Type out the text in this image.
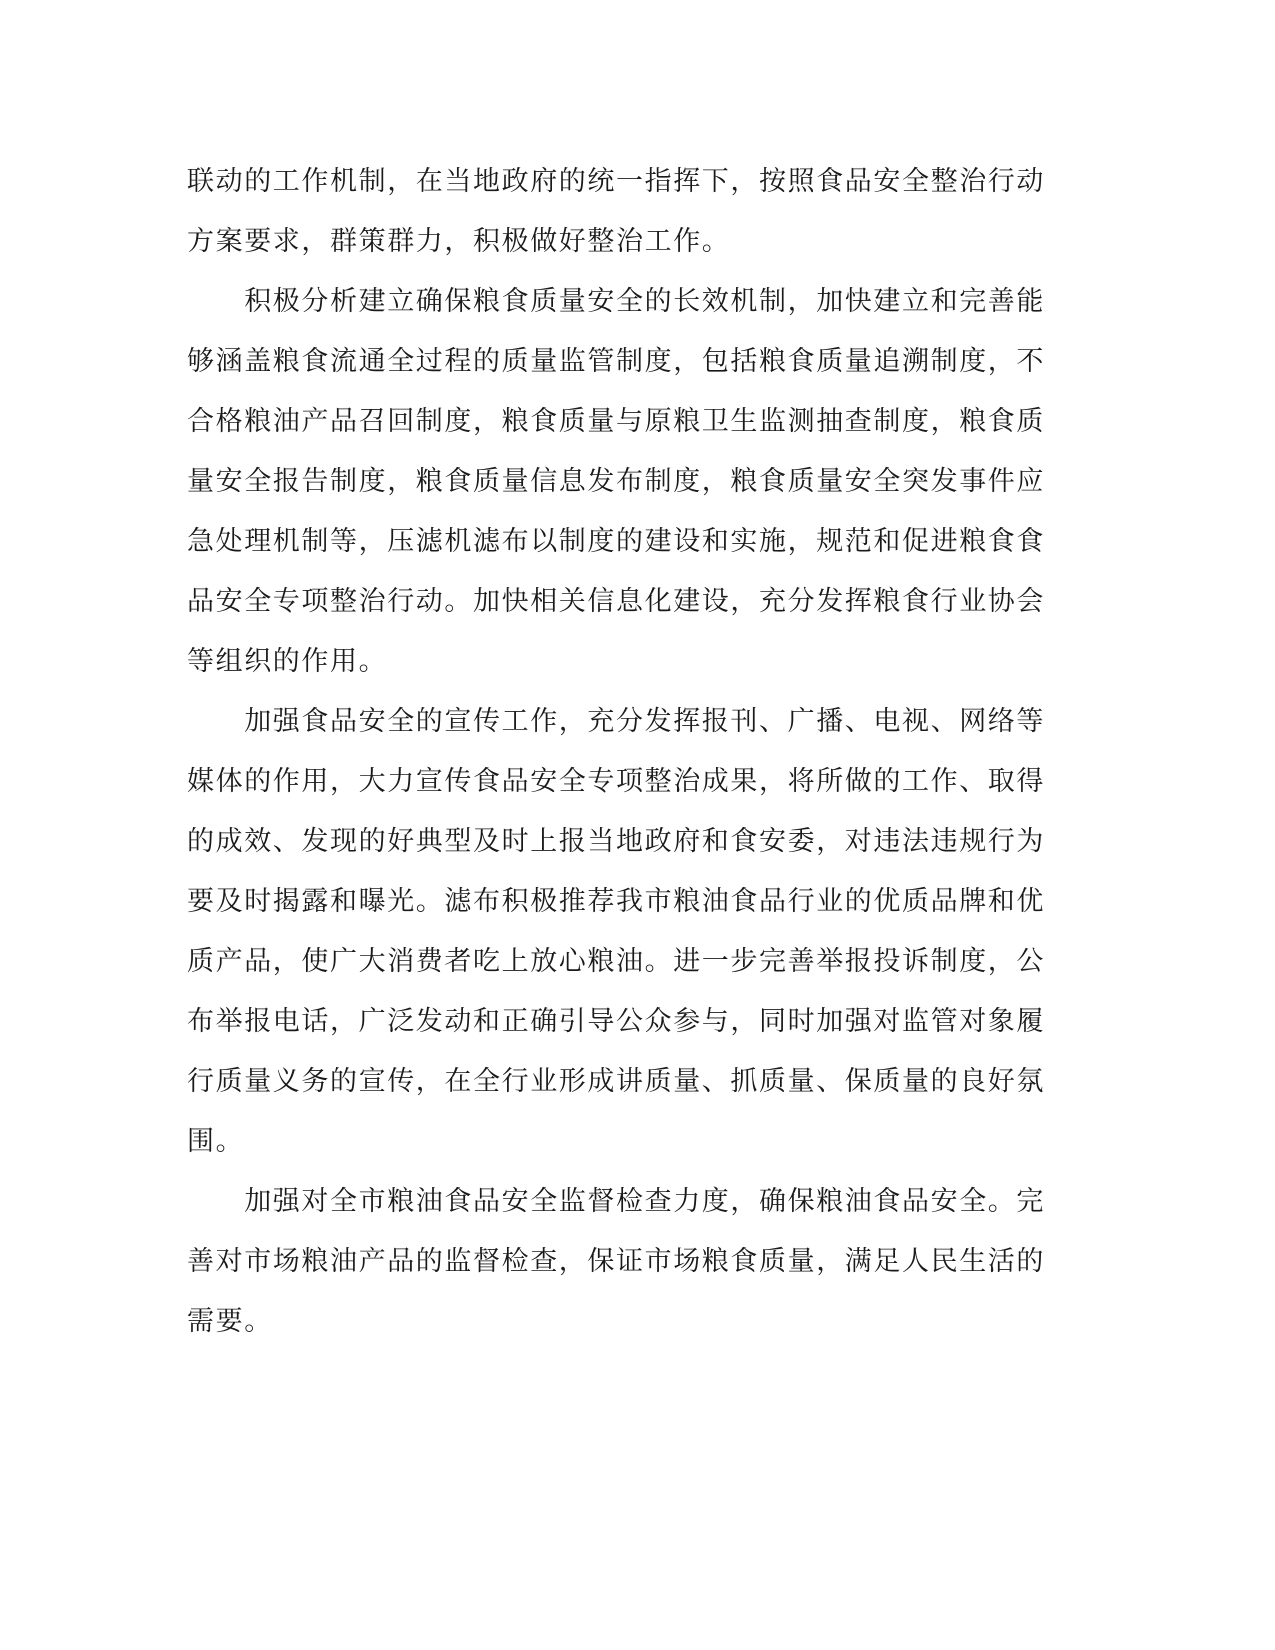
联动的工作机制，在当地政府的统一指挥下，按照食品安全整治行动
方案要求，群策群力，积极做好整治工作。
　　积极分析建立确保粮食质量安全的长效机制，加快建立和完善能
够涵盖粮食流通全过程的质量监管制度，包括粮食质量追溯制度，不
合格粮油产品召回制度，粮食质量与原粮卫生监测抽查制度，粮食质
量安全报告制度，粮食质量信息发布制度，粮食质量安全突发事件应
急处理机制等，压滤机滤布以制度的建设和实施，规范和促进粮食食
品安全专项整治行动。加快相关信息化建设，充分发挥粮食行业协会
等组织的作用。
　　加强食品安全的宣传工作，充分发挥报刊、广播、电视、网络等
媒体的作用，大力宣传食品安全专项整治成果，将所做的工作、取得
的成效、发现的好典型及时上报当地政府和食安委，对违法违规行为
要及时揭露和曝光。滤布积极推荐我市粮油食品行业的优质品牌和优
质产品，使广大消费者吃上放心粮油。进一步完善举报投诉制度，公
布举报电话，广泛发动和正确引导公众参与，同时加强对监管对象履
行质量义务的宣传，在全行业形成讲质量、抓质量、保质量的良好氛
围。
　　加强对全市粮油食品安全监督检查力度，确保粮油食品安全。完
善对市场粮油产品的监督检查，保证市场粮食质量，满足人民生活的
需要。
